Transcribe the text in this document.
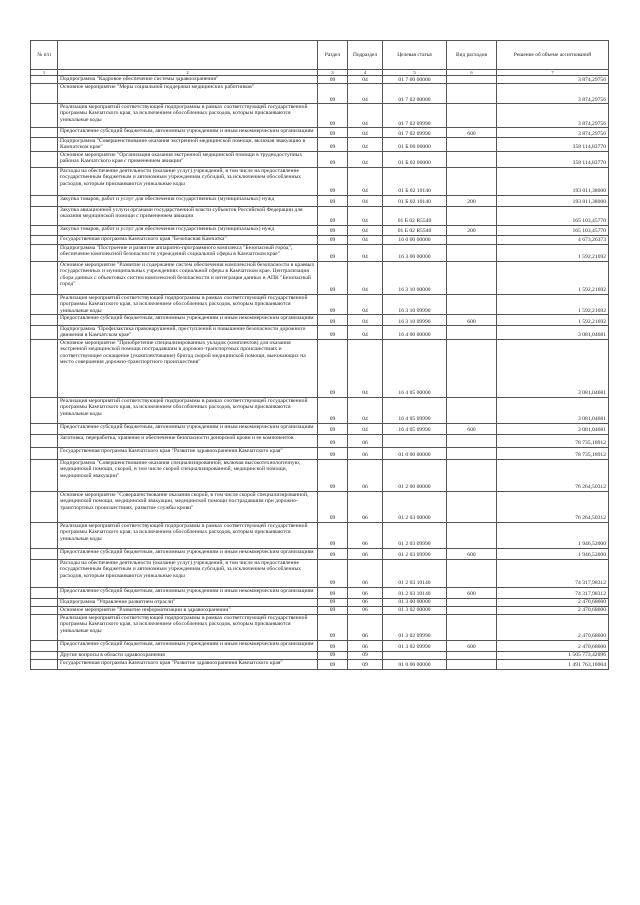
№ п/п		Раздел	Подраздел	Целевая статья	Вид расходов	Решение об объеме ассигнований
1	2	3	4	5	6	7
	Подпрограмма "Кадровое обеспечение системы здравоохранения"	09	04	01 7 00 00000		3 874,29756
	Основное мероприятие "Меры социальной поддержки медицинских работников"	09	04	01 7 02 00000		3 874,29756
	Реализация мероприятий соответствующей подпрограммы в рамках соответствующей государственной программы Камчатского края, за исключением обособленных расходов, которым присваиваются уникальные коды	09	04	01 7 02 09990		3 874,29756
	Предоставление субсидий бюджетным, автономным учреждениям и иным некоммерческим организациям	09	04	01 7 02 09990	600	3 874,29756
	Подпрограмма "Совершенствование оказания экстренной медицинской помощи, включая эвакуацию в Камчатском крае"	09	04	01 Б 00 00000		358 114,83770
	Основное мероприятие "Организация оказания экстренной медицинской помощи в труднодоступных районах Камчатского края с применением авиации"	09	04	01 Б 02 00000		358 114,83770
	Расходы на обеспечение деятельности (оказание услуг) учреждений, в том числе на предоставление государственным бюджетным и автономным учреждениям субсидий, за исключением обособленных расходов, которым присваиваются уникальные коды	09	04	01 Б 02 10140		193 011,38000
	Закупка товаров, работ и услуг для обеспечения государственных (муниципальных) нужд	09	04	01 Б 02 10140	200	193 011,38000
	Закупка авиационной услуги органами государственной власти субъектов Российской Федерации для оказания медицинской помощи с применением авиации	09	04	01 Б 02 R5540		165 103,45770
	Закупка товаров, работ и услуг для обеспечения государственных (муниципальных) нужд	09	04	01 Б 02 R5540	200	165 103,45770
	Государственная программа Камчатского края "Безопасная Камчатка"	09	04	16 0 00 00000		4 673,26373
	Подпрограмма "Построение и развитие аппаратно-программного комплекса "Безопасный город", обеспечение комплексной безопасности учреждений социальной сферы в Камчатском крае"	09	04	16 3 00 00000		1 592,21692
	Основное мероприятие "Развитие и содержание систем обеспечения комплексной безопасности в краевых государственных и муниципальных учреждениях социальной сферы в Камчатском крае. Централизация сбора данных с объектовых систем комплексной безопасности и интеграция данных в АПК "Безопасный город"	09	04	16 3 10 00000		1 592,21692
	Реализация мероприятий соответствующей подпрограммы в рамках соответствующей государственной программы Камчатского края, за исключением обособленных расходов, которым присваиваются уникальные коды	09	04	16 3 10 09990		1 592,21692
	Предоставление субсидий бюджетным, автономным учреждениям и иным некоммерческим организациям	09	04	16 3 10 09990	600	1 592,21692
	Подпрограмма "Профилактика правонарушений, преступлений и повышение безопасности дорожного движения в Камчатском крае"	09	04	16 4 00 00000		3 081,04681
	Основное мероприятие "Приобретение специализированных укладок (комплектов) для оказания экстренной медицинской помощи пострадавшим в дорожно-транспортных происшествиях и соответствующее оснащение (укомплектование) бригад скорой медицинской помощи, выезжающих на место совершения дорожно-транспортного происшествия"	09	04	16 4 05 00000		3 081,04681
	Реализация мероприятий соответствующей подпрограммы в рамках соответствующей государственной программы Камчатского края, за исключением обособленных расходов, которым присваиваются уникальные коды	09	04	16 4 05 09990		3 081,04681
	Предоставление субсидий бюджетным, автономным учреждениям и иным некоммерческим организациям	09	04	16 4 05 09990	600	3 081,04681
	Заготовка, переработка, хранение и обеспечение безопасности донорской крови и ее компонентов	09	06			78 735,18912
	Государственная программа Камчатского края "Развитие здравоохранения Камчатского края"	09	06	01 0 00 00000		78 735,18912
	Подпрограмма "Совершенствование оказания специализированной, включая высокотехнологичную, медицинской помощи, скорой, в том числе скорой специализированной, медицинской помощи, медицинской эвакуации"	09	06	01 2 00 00000		76 264,50312
	Основное мероприятие "Совершенствование оказания скорой, в том числе скорой специализированной, медицинской помощи, медицинской эвакуации, медицинской помощи пострадавшим при дорожно-транспортных происшествиях, развитие службы крови"	09	06	01 2 03 00000		76 264,50312
	Реализация мероприятий соответствующей подпрограммы в рамках соответствующей государственной программы Камчатского края, за исключением обособленных расходов, которым присваиваются уникальные коды	09	06	01 2 03 09990		1 946,52000
	Предоставление субсидий бюджетным, автономным учреждениям и иным некоммерческим организациям	09	06	01 2 03 09990	600	1 946,52000
	Расходы на обеспечение деятельности (оказание услуг) учреждений, в том числе на предоставление государственным бюджетным и автономным учреждениям субсидий, за исключением обособленных расходов, которым присваиваются уникальные коды	09	06	01 2 03 10140		74 317,98312
	Предоставление субсидий бюджетным, автономным учреждениям и иным некоммерческим организациям	09	06	01 2 03 10140	600	74 317,98312
	Подпрограмма "Управление развитием отрасли"	09	06	01 3 00 00000		2 470,68600
	Основное мероприятие "Развитие информатизации в здравоохранении"	09	06	01 3 02 00000		2 470,68600
	Реализация мероприятий соответствующей подпрограммы в рамках соответствующей государственной программы Камчатского края, за исключением обособленных расходов, которым присваиваются уникальные коды	09	06	01 3 02 09990		2 470,68600
	Предоставление субсидий бюджетным, автономным учреждениям и иным некоммерческим организациям	09	06	01 3 02 09990	600	2 470,68600
	Другие вопросы в области здравоохранения	09	09			1 505 773,42096
	Государственная программа Камчатского края "Развитие здравоохранения Камчатского края"	09	09	01 0 00 00000		1 491 763,10004
